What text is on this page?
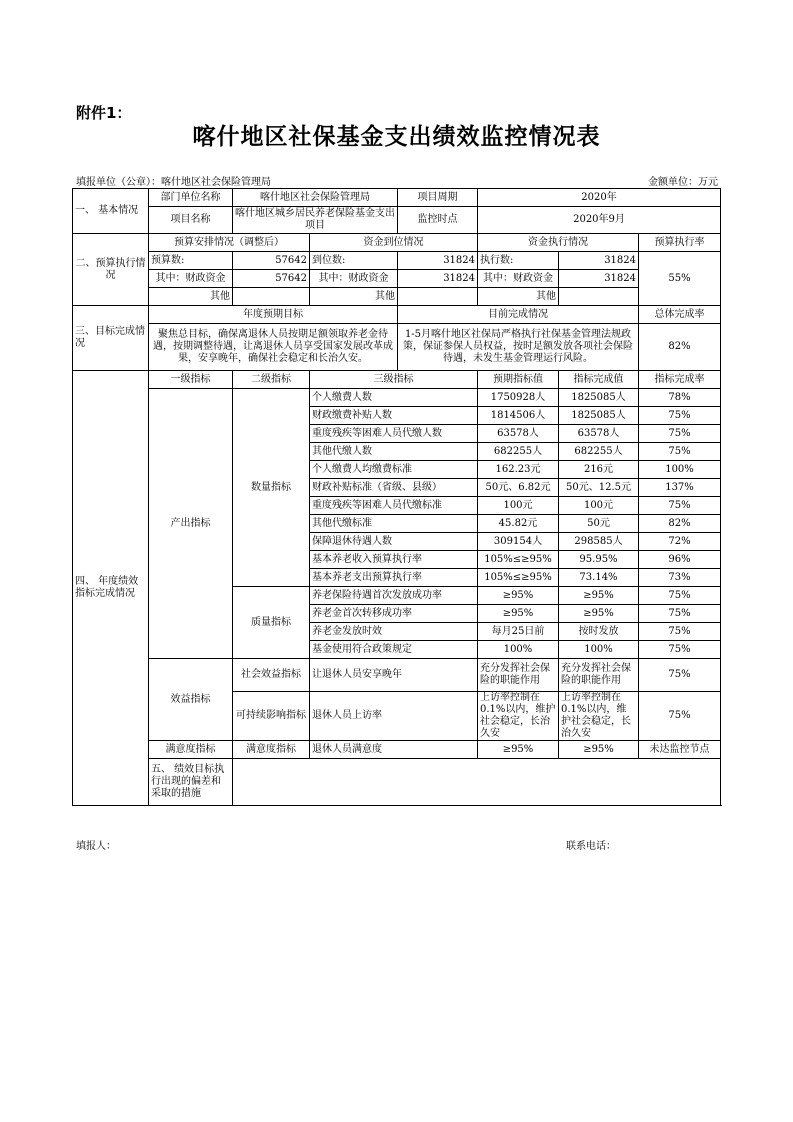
附件1：
喀什地区社保基金支出绩效监控情况表
填报单位（公章）：喀什地区社会保险管理局	金额单位：万元
一、 基本情况	部门单位名称	喀什地区社会保险管理局		项目周期	2020年		
	项目名称	喀什地区城乡居民养老保险基金支出项目		监控时点	2020年9月		
二、预算执行情况	预算安排情况（调整后）		资金到位情况		资金执行情况		预算执行率
	预算数:	57642	到位数:	31824	执行数:	31824	55%
	其中：财政资金	57642	其中：财政资金	31824	其中：财政资金	31824	
	其他		其他		其他		
三、目标完成情况	年度预期目标			目前完成情况			总体完成率
	聚焦总目标，确保离退休人员按期足额领取养老金待遇，按期调整待遇，让离退休人员享受国家发展改革成果，安享晚年，确保社会稳定和长治久安。			1-5月喀什地区社保局严格执行社保基金管理法规政策，保证参保人员权益，按时足额发放各项社会保险待遇，未发生基金管理运行风险。			82%
四、 年度绩效指标完成情况	一级指标	二级指标	三级指标		预期指标值	指标完成值	指标完成率
	产出指标	数量指标	个人缴费人数		1750928人	1825085人	78%
			财政缴费补贴人数		1814506人	1825085人	75%
			重度残疾等困难人员代缴人数		63578人	63578人	75%
			其他代缴人数		682255人	682255人	75%
			个人缴费人均缴费标准		162.23元	216元	100%
			财政补贴标准（省级、县级）		50元、6.82元	50元、12.5元	137%
			重度残疾等困难人员代缴标准		100元	100元	75%
			其他代缴标准		45.82元	50元	82%
			保障退休待遇人数		309154人	298585人	72%
			基本养老收入预算执行率		105%≤≥95%	95.95%	96%
			基本养老支出预算执行率		105%≤≥95%	73.14%	73%
		质量指标	养老保险待遇首次发放成功率		≥95%	≥95%	75%
			养老金首次转移成功率		≥95%	≥95%	75%
			养老金发放时效		每月25日前	按时发放	75%
			基金使用符合政策规定		100%	100%	75%
	效益指标	社会效益指标	让退休人员安享晚年		充分发挥社会保险的职能作用	充分发挥社会保险的职能作用	75%
		可持续影响指标	退休人员上访率		上访率控制在0.1%以内，维护社会稳定，长治久安	上访率控制在0.1%以内，维护社会稳定，长治久安	75%
	满意度指标	满意度指标	退休人员满意度		≥95%	≥95%	未达监控节点
	五、 绩效目标执行出现的偏差和采取的措施						
填报人：	联系电话：
